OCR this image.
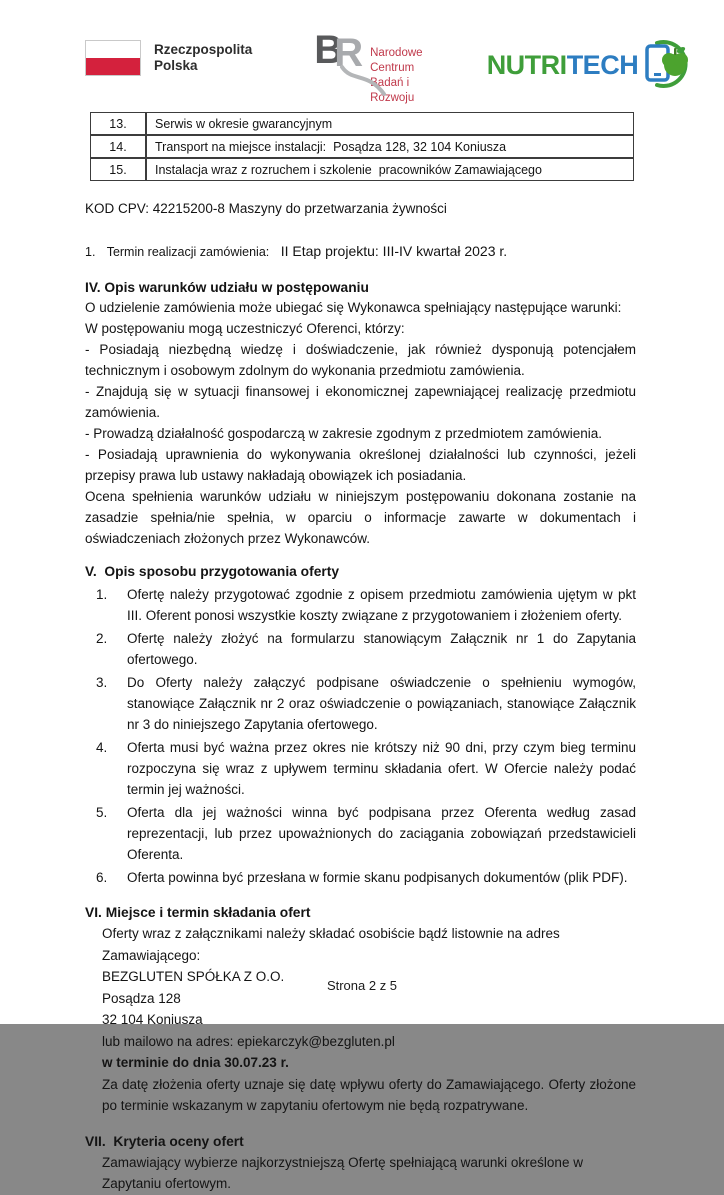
Rzeczpospolita
Polska	B
R Narodowe Centrum
Badań i Rozwoju
NUTRI TECH
13.	Serwis w okresie gwarancyjnym
14.	Transport na miejsce instalacji:  Posądza 128, 32 104 Koniusza
15.	Instalacja wraz z rozruchem i szkolenie  pracowników Zamawiającego
KOD CPV: 42215200-8 Maszyny do przetwarzania żywności
1. Termin realizacji zamówienia: II Etap projektu: III-IV kwartał 2023 r.
IV. Opis warunków udziału w postępowaniu
O udzielenie zamówienia może ubiegać się Wykonawca spełniający następujące warunki:
W postępowaniu mogą uczestniczyć Oferenci, którzy:
- Posiadają niezbędną wiedzę i doświadczenie, jak również dysponują potencjałem technicznym i osobowym zdolnym do wykonania przedmiotu zamówienia.
- Znajdują się w sytuacji finansowej i ekonomicznej zapewniającej realizację przedmiotu zamówienia.
- Prowadzą działalność gospodarczą w zakresie zgodnym z przedmiotem zamówienia.
- Posiadają uprawnienia do wykonywania określonej działalności lub czynności, jeżeli przepisy prawa lub ustawy nakładają obowiązek ich posiadania.
Ocena spełnienia warunków udziału w niniejszym postępowaniu dokonana zostanie na zasadzie spełnia/nie spełnia, w oparciu o informacje zawarte w dokumentach i oświadczeniach złożonych przez Wykonawców.
V.  Opis sposobu przygotowania oferty
1.	Ofertę należy przygotować zgodnie z opisem przedmiotu zamówienia ujętym w pkt III. Oferent ponosi wszystkie koszty związane z przygotowaniem i złożeniem oferty.
2.	Ofertę należy złożyć na formularzu stanowiącym Załącznik nr 1 do Zapytania ofertowego.
3.	Do Oferty należy załączyć podpisane oświadczenie o spełnieniu wymogów, stanowiące Załącznik nr 2 oraz oświadczenie o powiązaniach, stanowiące Załącznik nr 3 do niniejszego Zapytania ofertowego.
4.	Oferta musi być ważna przez okres nie krótszy niż 90 dni, przy czym bieg terminu rozpoczyna się wraz z upływem terminu składania ofert. W Ofercie należy podać termin jej ważności.
5.	Oferta dla jej ważności winna być podpisana przez Oferenta według zasad reprezentacji, lub przez upoważnionych do zaciągania zobowiązań przedstawicieli Oferenta.
6.	Oferta powinna być przesłana w formie skanu podpisanych dokumentów (plik PDF).
VI. Miejsce i termin składania ofert
Oferty wraz z załącznikami należy składać osobiście bądź listownie na adres Zamawiającego:
BEZGLUTEN SPÓŁKA Z O.O.
Posądza 128
32 104 Koniusza
lub mailowo na adres: epiekarczyk@bezgluten.pl
w terminie do dnia 30.07.23 r.
Za datę złożenia oferty uznaje się datę wpływu oferty do Zamawiającego. Oferty złożone po terminie wskazanym w zapytaniu ofertowym nie będą rozpatrywane.
VII.  Kryteria oceny ofert
Zamawiający wybierze najkorzystniejszą Ofertę spełniającą warunki określone w Zapytaniu ofertowym.
Strona 2 z 5
